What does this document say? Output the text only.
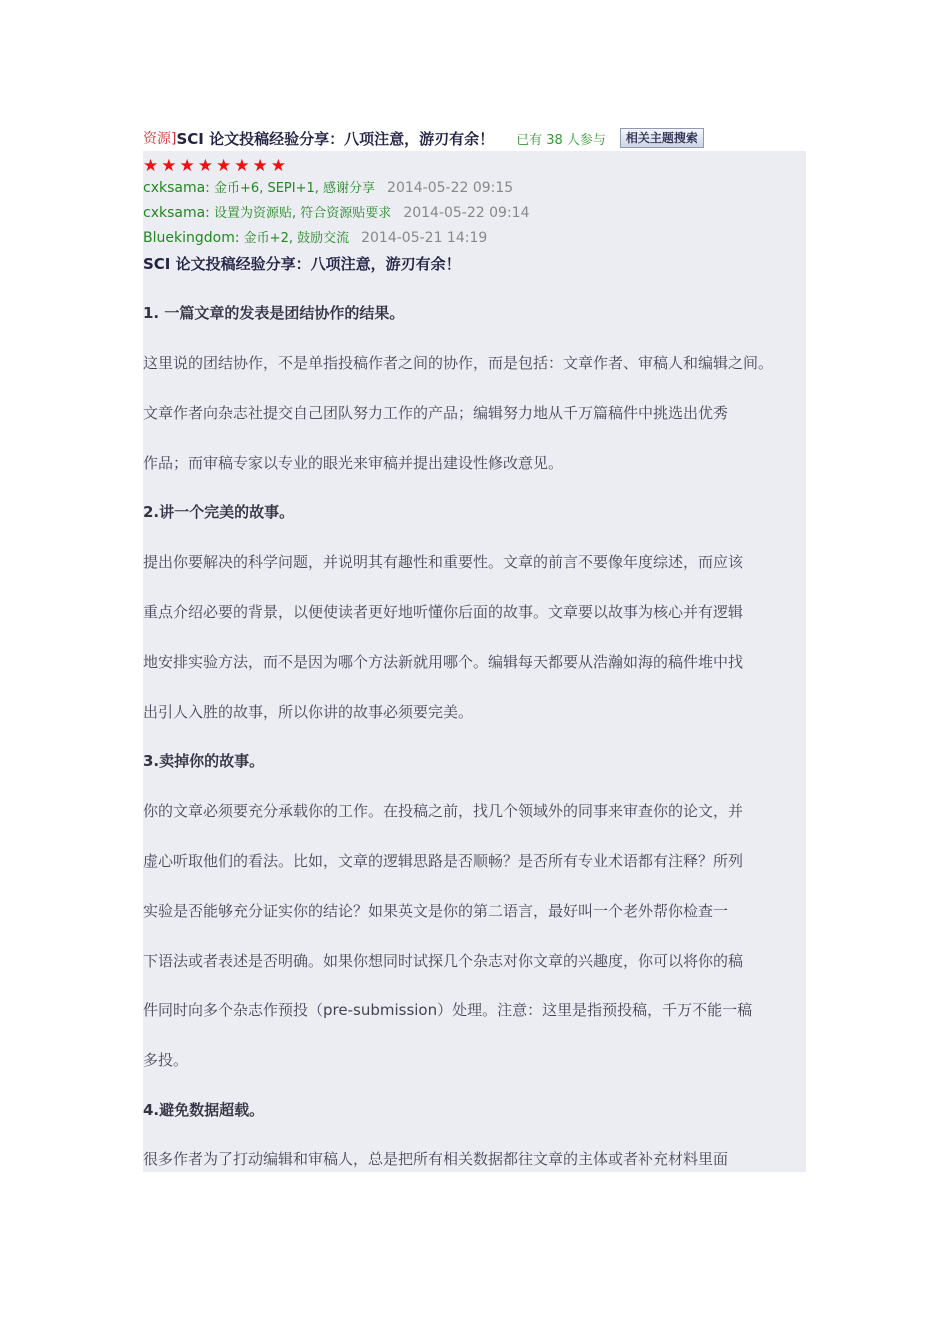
资源] SCI 论文投稿经验分享：八项注意，游刃有余！ 已有 38 人参与	相关主题搜索
★ ★ ★ ★ ★ ★ ★ ★
cxksama: 金币+6, SEPI+1, 感谢分享 2014-05-22 09:15
cxksama: 设置为资源贴, 符合资源贴要求 2014-05-22 09:14
Bluekingdom: 金币+2, 鼓励交流 2014-05-21 14:19
SCI 论文投稿经验分享：八项注意，游刃有余！
1. 一篇文章的发表是团结协作的结果。
这里说的团结协作，不是单指投稿作者之间的协作，而是包括：文章作者、审稿人和编辑之间。
文章作者向杂志社提交自己团队努力工作的产品；编辑努力地从千万篇稿件中挑选出优秀
作品；而审稿专家以专业的眼光来审稿并提出建设性修改意见。
2.讲一个完美的故事。
提出你要解决的科学问题，并说明其有趣性和重要性。文章的前言不要像年度综述，而应该
重点介绍必要的背景，以便使读者更好地听懂你后面的故事。文章要以故事为核心并有逻辑
地安排实验方法，而不是因为哪个方法新就用哪个。编辑每天都要从浩瀚如海的稿件堆中找
出引人入胜的故事，所以你讲的故事必须要完美。
3.卖掉你的故事。
你的文章必须要充分承载你的工作。在投稿之前，找几个领域外的同事来审查你的论文，并
虚心听取他们的看法。比如，文章的逻辑思路是否顺畅？是否所有专业术语都有注释？所列
实验是否能够充分证实你的结论？如果英文是你的第二语言，最好叫一个老外帮你检查一
下语法或者表述是否明确。如果你想同时试探几个杂志对你文章的兴趣度，你可以将你的稿
件同时向多个杂志作预投（pre-submission）处理。注意：这里是指预投稿，千万不能一稿
多投。
4.避免数据超载。
很多作者为了打动编辑和审稿人，总是把所有相关数据都往文章的主体或者补充材料里面
